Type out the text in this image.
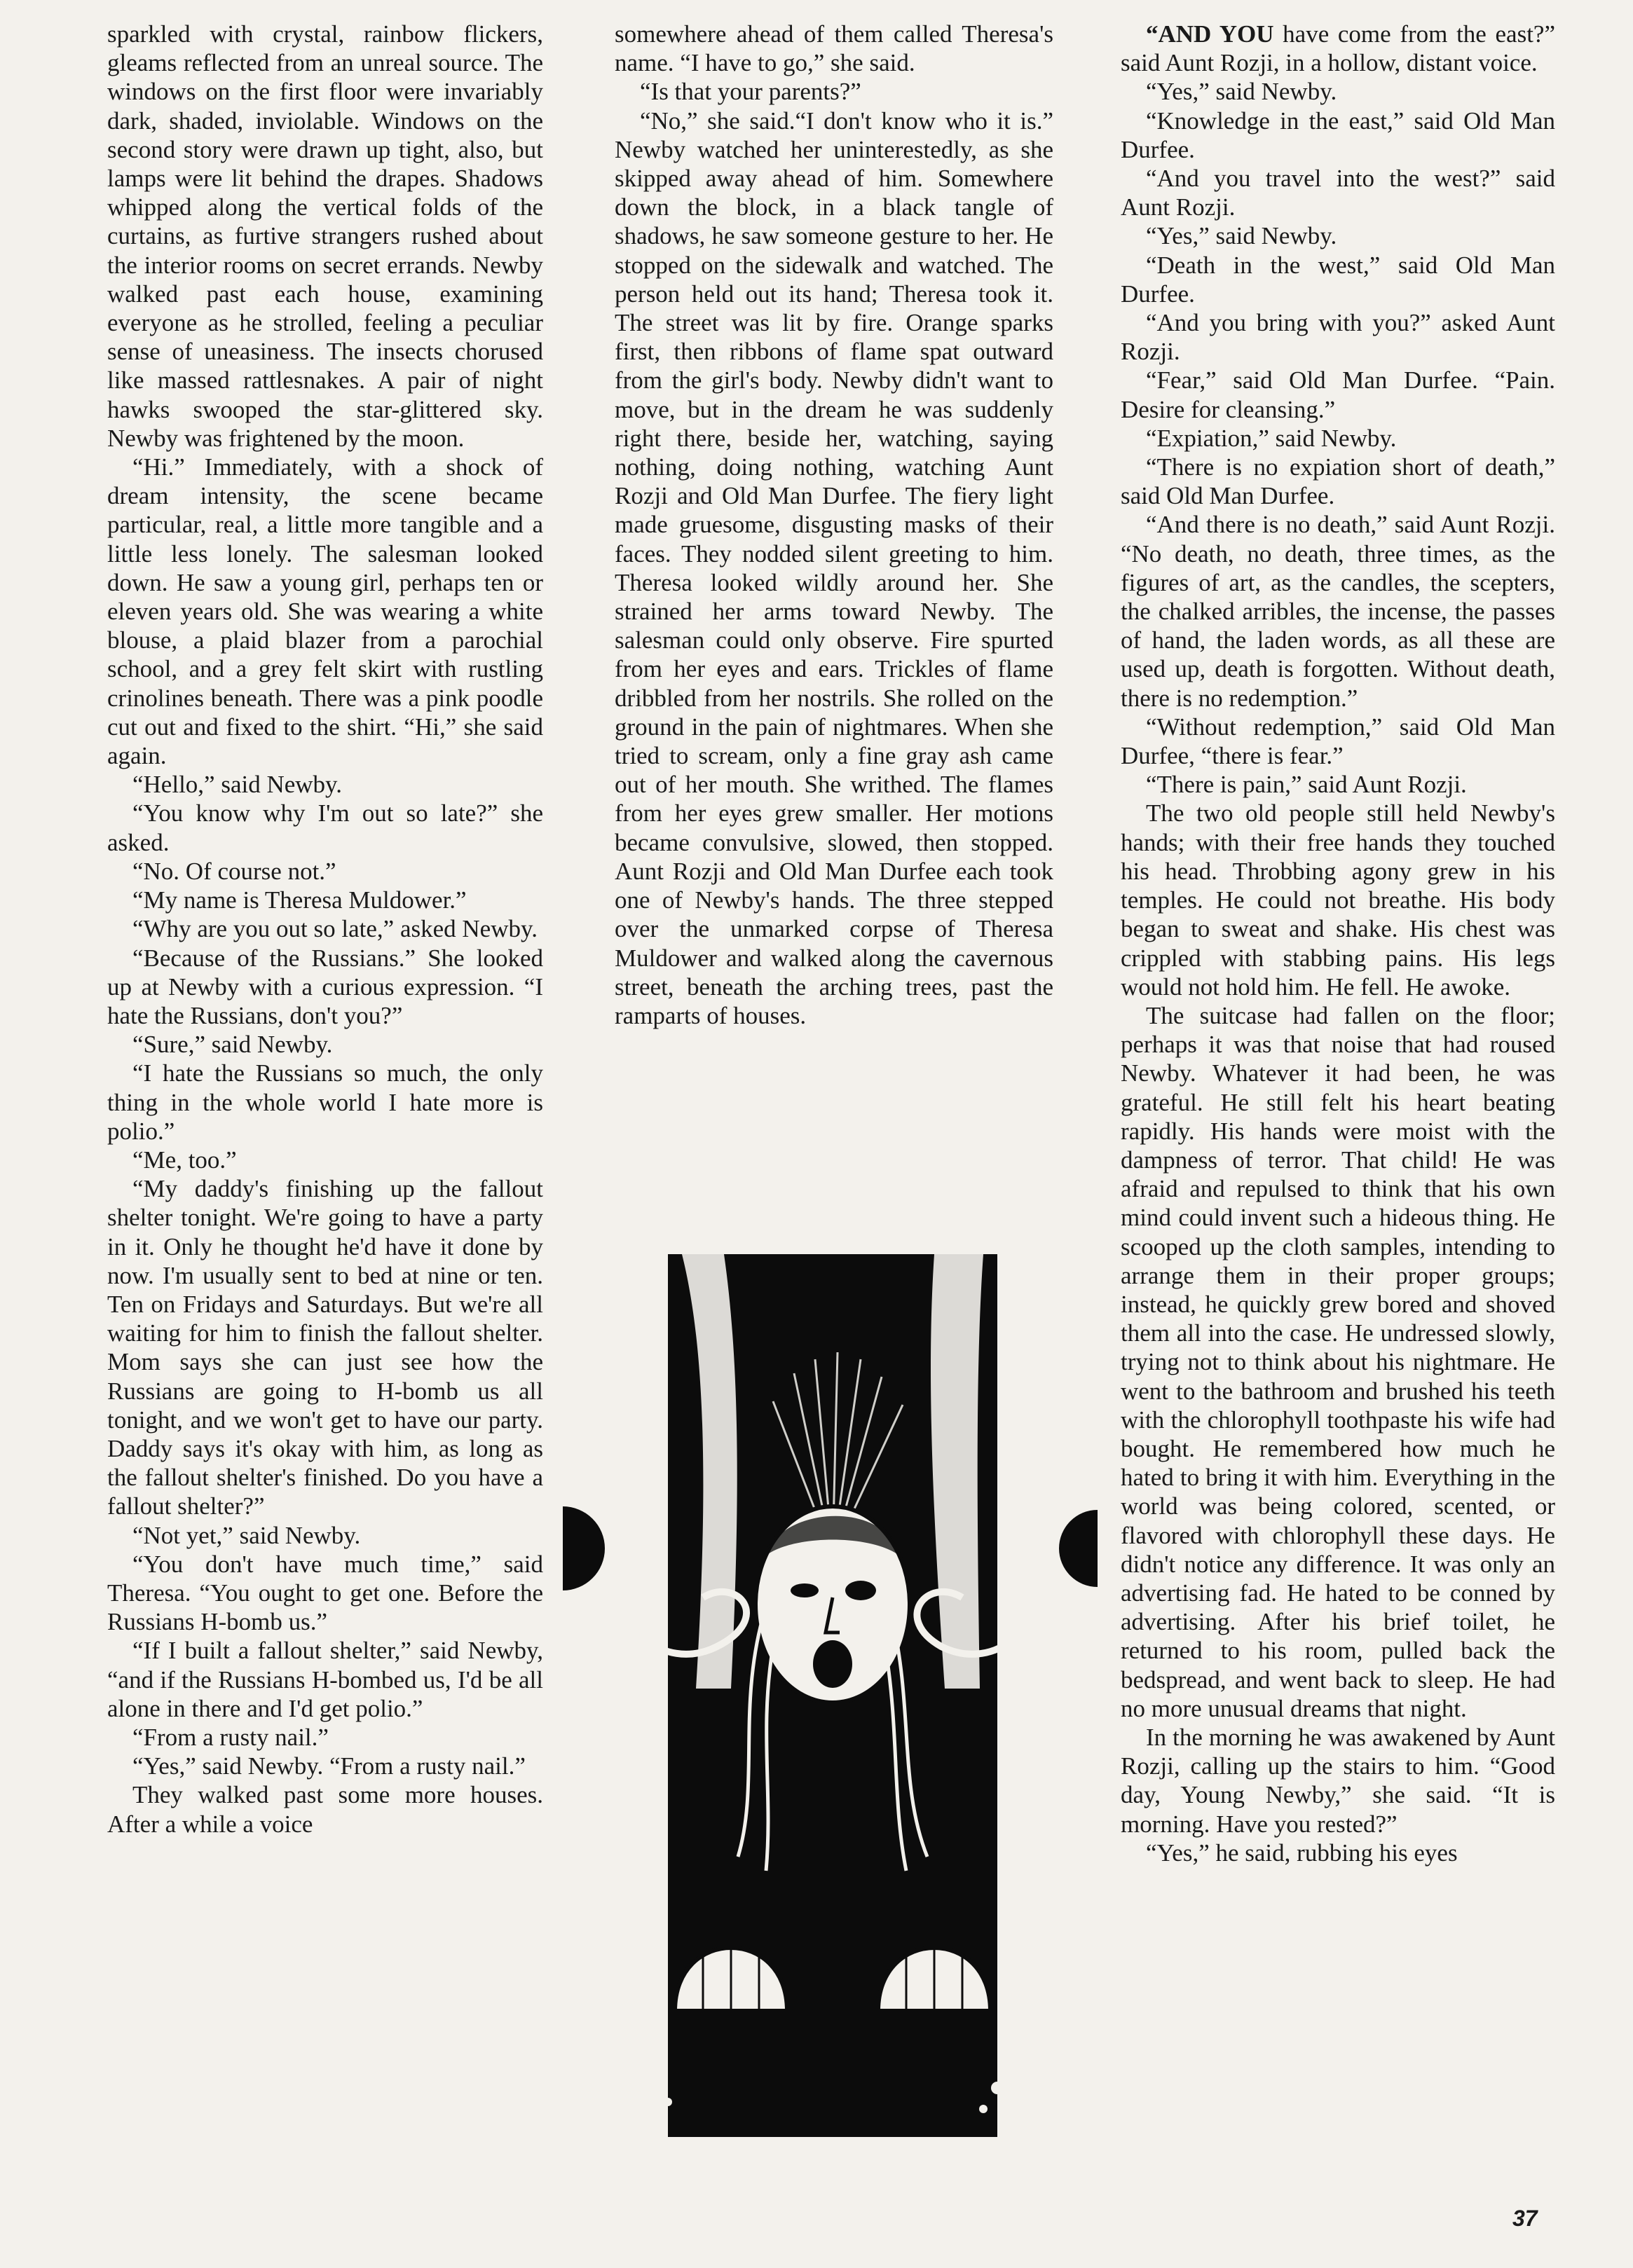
sparkled with crystal, rainbow flickers, gleams reflected from an unreal source. The windows on the first floor were invariably dark, shaded, inviolable. Windows on the second story were drawn up tight, also, but lamps were lit behind the drapes. Shadows whipped along the vertical folds of the curtains, as furtive strangers rushed about the interior rooms on secret errands. Newby walked past each house, examining everyone as he strolled, feeling a peculiar sense of uneasiness. The insects chorused like massed rattlesnakes. A pair of night hawks swooped the star-glittered sky. Newby was frightened by the moon.

“Hi.” Immediately, with a shock of dream intensity, the scene became particular, real, a little more tangible and a little less lonely. The salesman looked down. He saw a young girl, perhaps ten or eleven years old. She was wearing a white blouse, a plaid blazer from a parochial school, and a grey felt skirt with rustling crinolines beneath. There was a pink poodle cut out and fixed to the shirt. “Hi,” she said again.

“Hello,” said Newby.

“You know why I'm out so late?” she asked.

“No. Of course not.”

“My name is Theresa Muldower.”

“Why are you out so late,” asked Newby.

“Because of the Russians.” She looked up at Newby with a curious expression. “I hate the Russians, don't you?”

“Sure,” said Newby.

“I hate the Russians so much, the only thing in the whole world I hate more is polio.”

“Me, too.”

“My daddy's finishing up the fallout shelter tonight. We're going to have a party in it. Only he thought he'd have it done by now. I'm usually sent to bed at nine or ten. Ten on Fridays and Saturdays. But we're all waiting for him to finish the fallout shelter. Mom says she can just see how the Russians are going to H-bomb us all tonight, and we won't get to have our party. Daddy says it's okay with him, as long as the fallout shelter's finished. Do you have a fallout shelter?”

“Not yet,” said Newby.

“You don't have much time,” said Theresa. “You ought to get one. Before the Russians H-bomb us.”

“If I built a fallout shelter,” said Newby, “and if the Russians H-bombed us, I'd be all alone in there and I'd get polio.”

“From a rusty nail.”

“Yes,” said Newby. “From a rusty nail.”

They walked past some more houses. After a while a voice

somewhere ahead of them called Theresa's name. “I have to go,” she said.

“Is that your parents?”

“No,” she said.“I don't know who it is.” Newby watched her uninterestedly, as she skipped away ahead of him. Somewhere down the block, in a black tangle of shadows, he saw someone gesture to her. He stopped on the sidewalk and watched. The person held out its hand; Theresa took it. The street was lit by fire. Orange sparks first, then ribbons of flame spat outward from the girl's body. Newby didn't want to move, but in the dream he was suddenly right there, beside her, watching, saying nothing, doing nothing, watching Aunt Rozji and Old Man Durfee. The fiery light made gruesome, disgusting masks of their faces. They nodded silent greeting to him. Theresa looked wildly around her. She strained her arms toward Newby. The salesman could only observe. Fire spurted from her eyes and ears. Trickles of flame dribbled from her nostrils. She rolled on the ground in the pain of nightmares. When she tried to scream, only a fine gray ash came out of her mouth. She writhed. The flames from her eyes grew smaller. Her motions became convulsive, slowed, then stopped. Aunt Rozji and Old Man Durfee each took one of Newby's hands. The three stepped over the unmarked corpse of Theresa Muldower and walked along the cavernous street, beneath the arching trees, past the ramparts of houses.

“AND YOU have come from the east?” said Aunt Rozji, in a hollow, distant voice.

“Yes,” said Newby.

“Knowledge in the east,” said Old Man Durfee.

“And you travel into the west?” said Aunt Rozji.

“Yes,” said Newby.

“Death in the west,” said Old Man Durfee.

“And you bring with you?” asked Aunt Rozji.

“Fear,” said Old Man Durfee. “Pain. Desire for cleansing.”

“Expiation,” said Newby.

“There is no expiation short of death,” said Old Man Durfee.

“And there is no death,” said Aunt Rozji. “No death, no death, three times, as the figures of art, as the candles, the scepters, the chalked arribles, the incense, the passes of hand, the laden words, as all these are used up, death is forgotten. Without death, there is no redemption.”

“Without redemption,” said Old Man Durfee, “there is fear.”

“There is pain,” said Aunt Rozji.

The two old people still held Newby's hands; with their free hands they touched his head. Throbbing agony grew in his temples. He could not breathe. His body began to sweat and shake. His chest was crippled with stabbing pains. His legs would not hold him. He fell. He awoke.

The suitcase had fallen on the floor; perhaps it was that noise that had roused Newby. Whatever it had been, he was grateful. He still felt his heart beating rapidly. His hands were moist with the dampness of terror. That child! He was afraid and repulsed to think that his own mind could invent such a hideous thing. He scooped up the cloth samples, intending to arrange them in their proper groups; instead, he quickly grew bored and shoved them all into the case. He undressed slowly, trying not to think about his nightmare. He went to the bathroom and brushed his teeth with the chlorophyll toothpaste his wife had bought. He remembered how much he hated to bring it with him. Everything in the world was being colored, scented, or flavored with chlorophyll these days. He didn't notice any difference. It was only an advertising fad. He hated to be conned by advertising. After his brief toilet, he returned to his room, pulled back the bedspread, and went back to sleep. He had no more unusual dreams that night.

In the morning he was awakened by Aunt Rozji, calling up the stairs to him. “Good day, Young Newby,” she said. “It is morning. Have you rested?”

“Yes,” he said, rubbing his eyes

37
